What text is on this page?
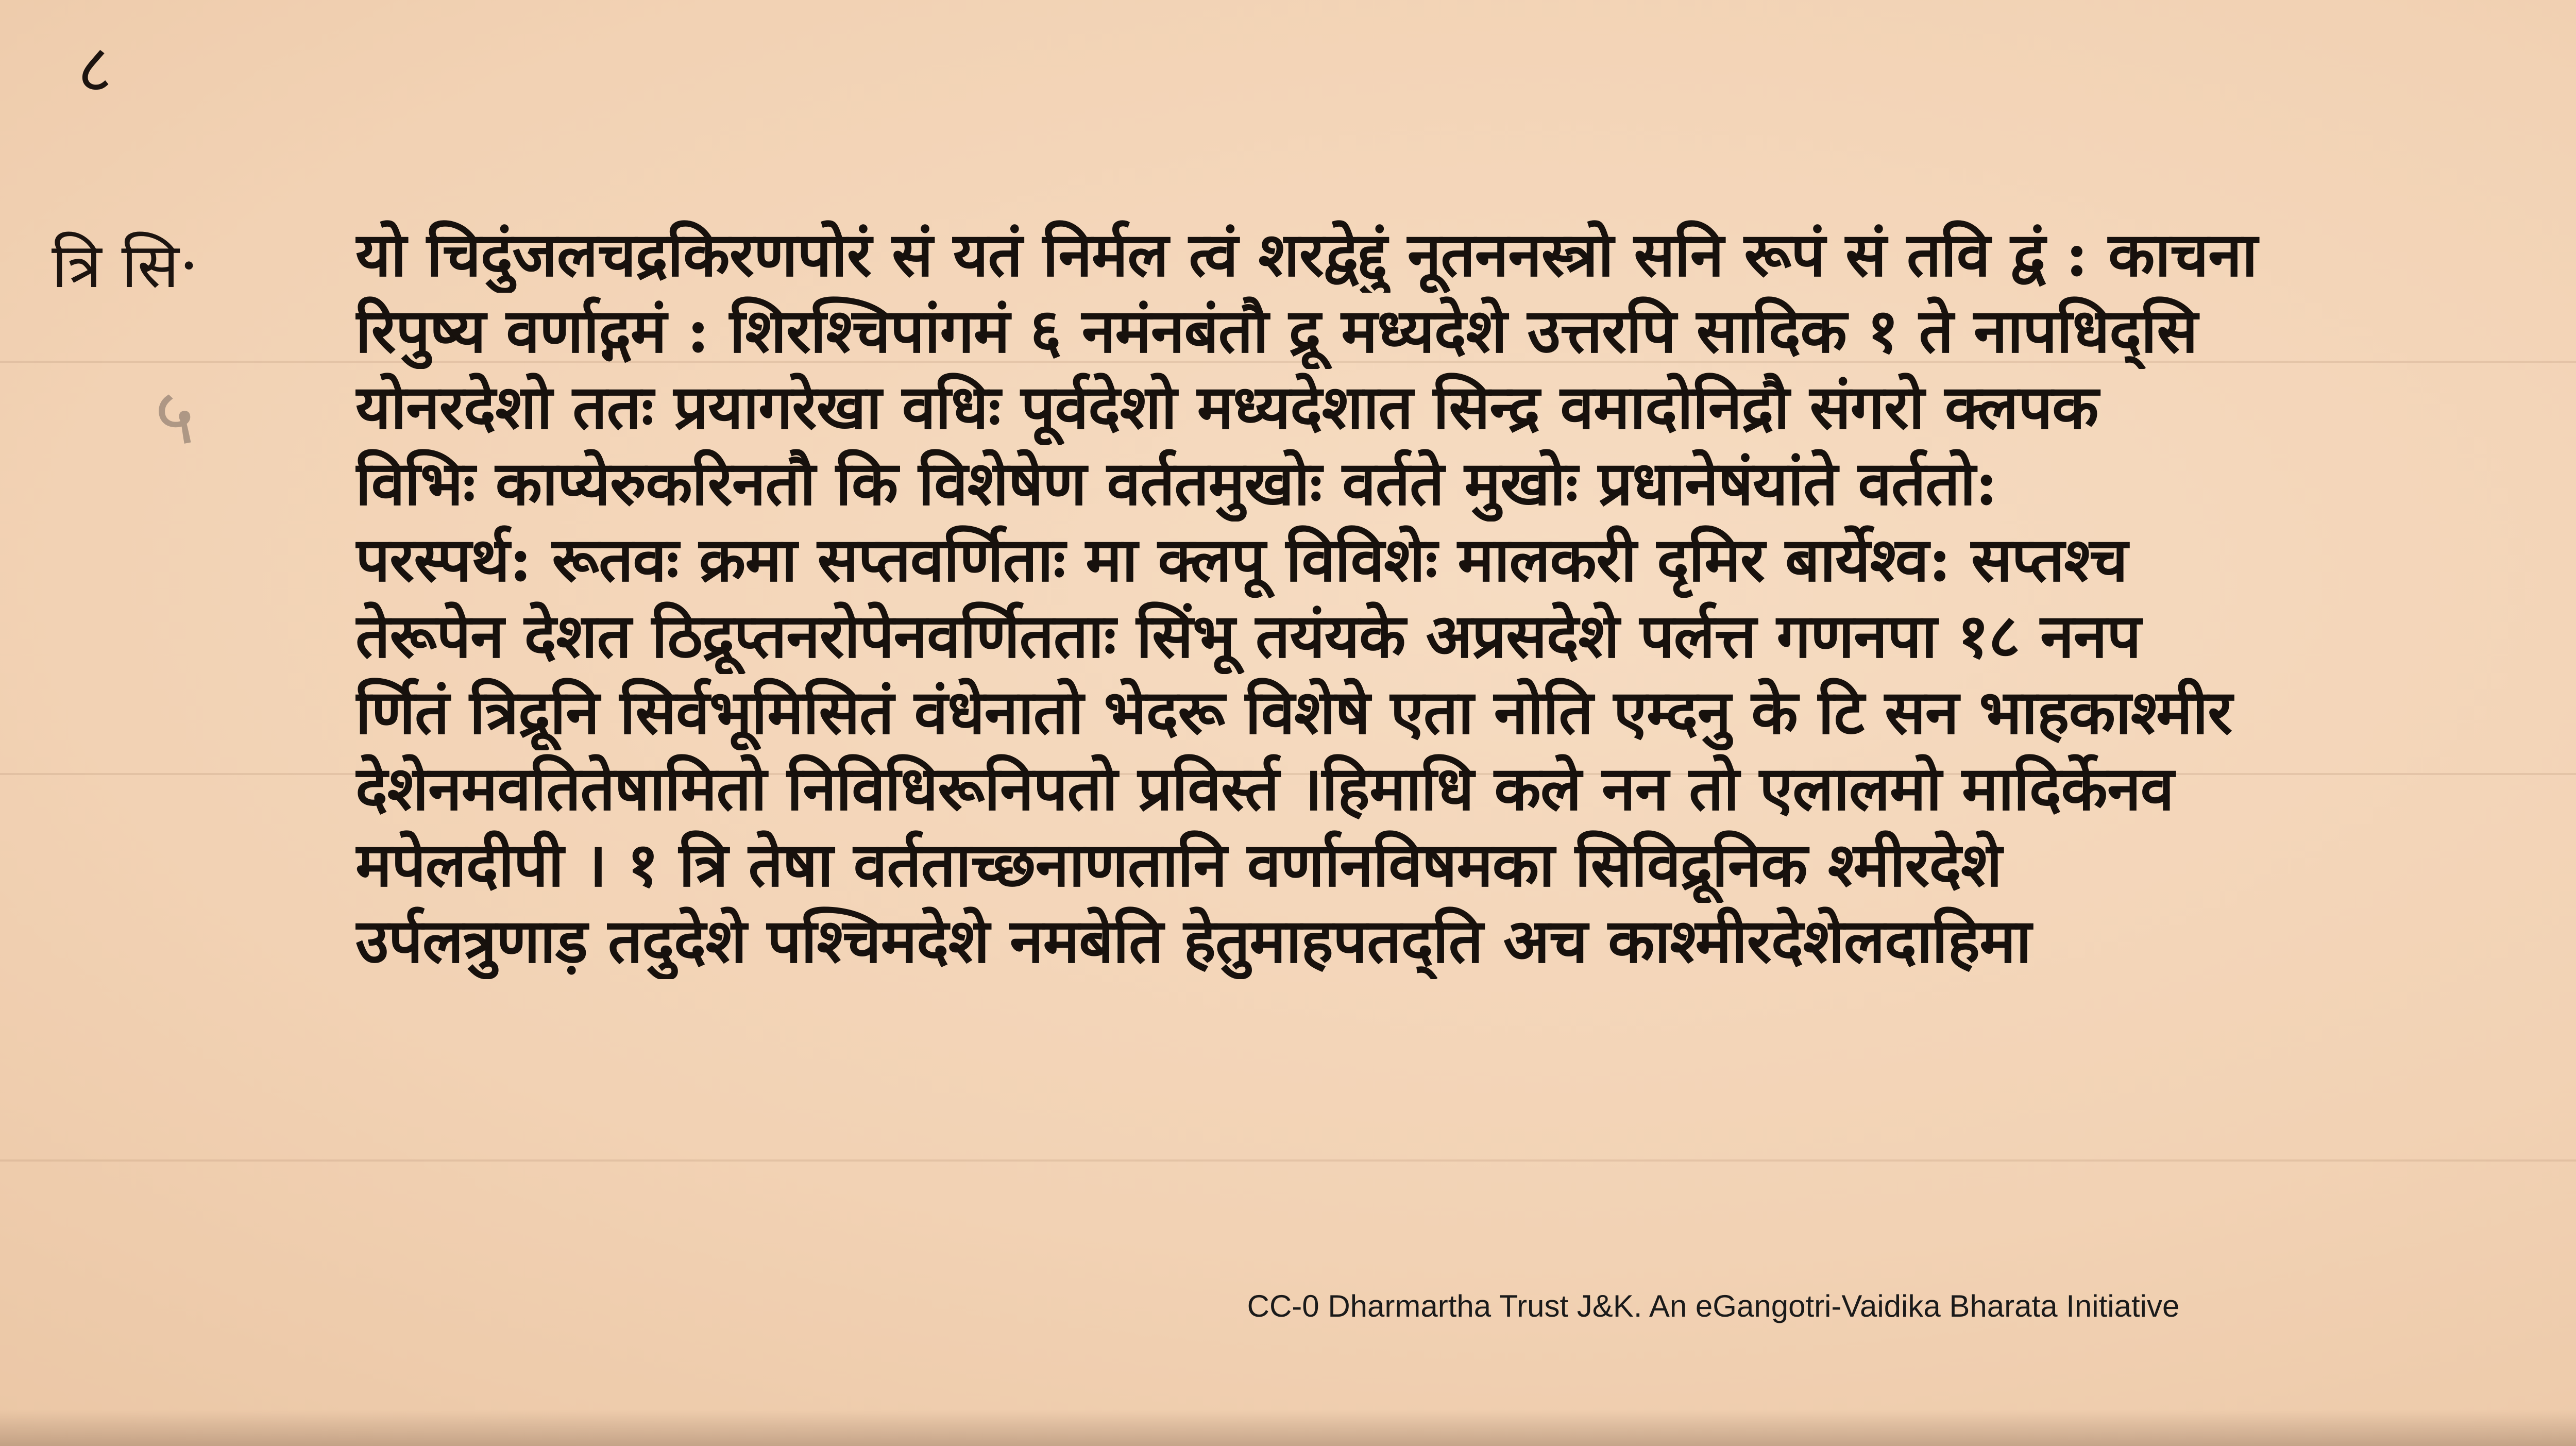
८
त्रि सि·
५
यो चिदुंजलचद्रकिरणपोरं सं यतं निर्मल त्वं शरद्वेद्दुं नूतननस्त्रो सनि रूपं सं तवि द्वं : काचना
रिपुष्य वर्णाद्गमं : शिरश्चिपांगमं ६ नमंनबंतौ द्रू मध्यदेशे उत्तरपि सादिक १ ते नापधिद्सि
योनरदेशो ततः प्रयागरेखा वधिः पूर्वदेशो मध्यदेशात सिन्द्र वमादोनिद्रौ संगरो क्लपक
विभिः काप्येरुकरिनतौ कि विशेषेण वर्ततमुखोः वर्तते मुखोः प्रधानेषंयांते वर्ततो:
परस्पर्थ: रूतवः क्रमा सप्तवर्णिताः मा क्लपू विविशेः मालकरी दृमिर बार्येश्व: सप्तश्च
तेरूपेन देशत ठिद्रूप्तनरोपेनवर्णितताः सिंभू तयंयके अप्रसदेशे पर्लत्त गणनपा १८ ननप
र्णितं त्रिद्रूनि सिर्वभूमिसितं वंधेनातो भेदरू विशेषे एता नोति एम्दनु के टि सन भाहकाश्मीर
देशेनमवतितेषामितो निविधिरूनिपतो प्रविर्स्त ।हिमाधि कले नन तो एलालमो मादिर्केनव
मपेलदीपी । १ त्रि तेषा वर्तताच्छनाणतानि वर्णानविषमका सिविद्रूनिक श्मीरदेशे
उर्पलत्रुणाड़ तदुदेशे पश्चिमदेशे नमबेति हेतुमाहपतद्ति अच काश्मीरदेशेलदाहिमा
CC-0 Dharmartha Trust J&K. An eGangotri-Vaidika Bharata Initiative
